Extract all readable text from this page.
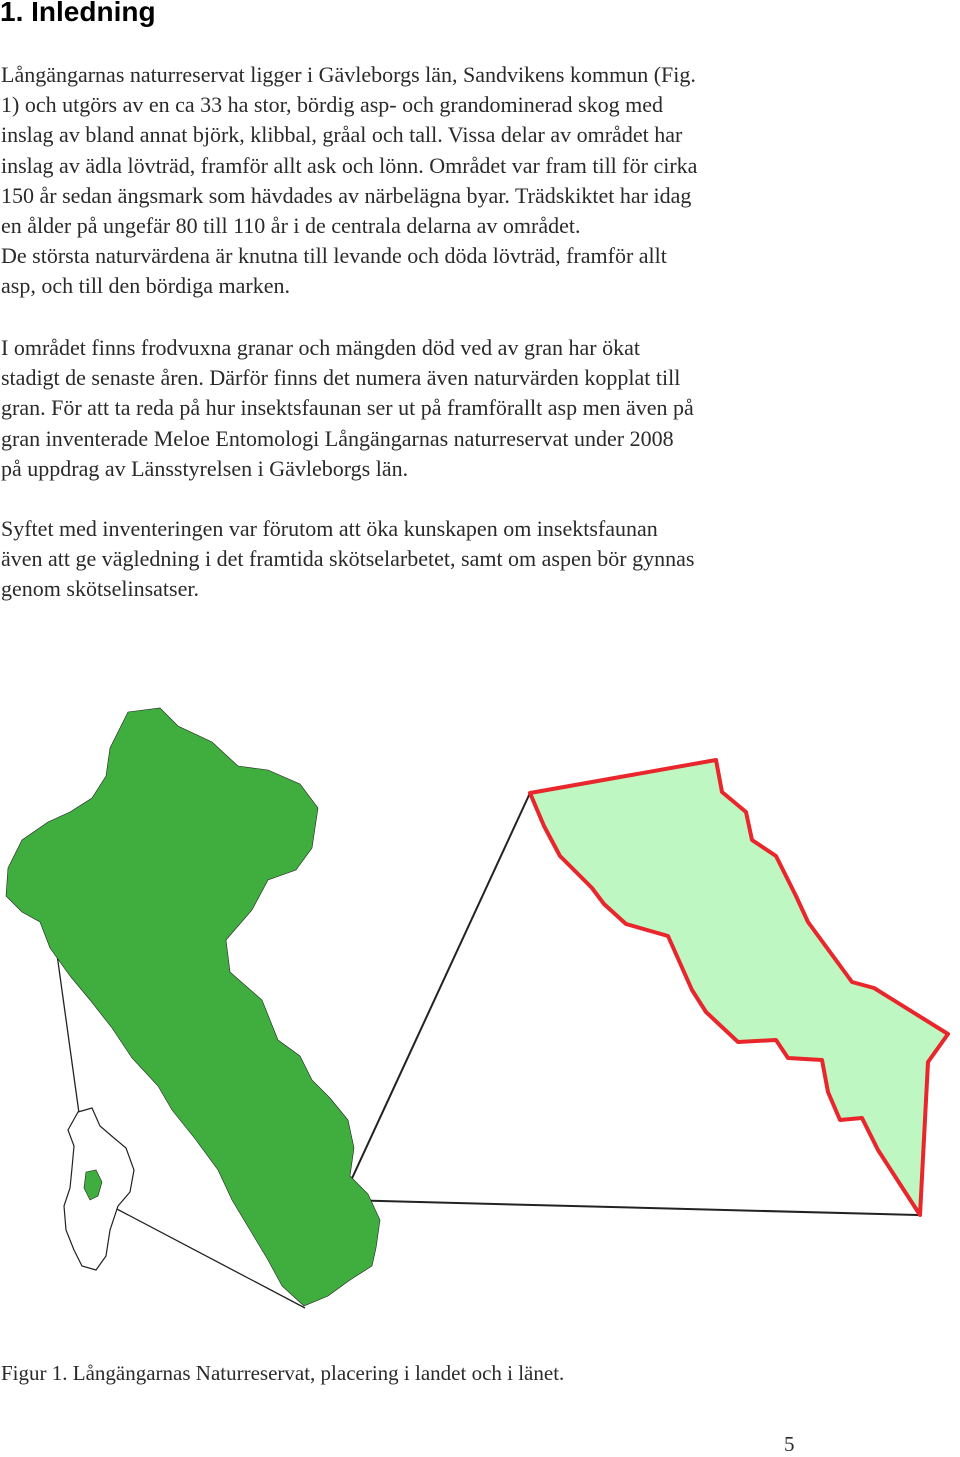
1. Inledning
Långängarnas naturreservat ligger i Gävleborgs län, Sandvikens kommun (Fig.
1) och utgörs av en ca 33 ha stor, bördig asp- och grandominerad skog med
inslag av bland annat björk, klibbal, gråal och tall. Vissa delar av området har
inslag av ädla lövträd, framför allt ask och lönn. Området var fram till för cirka
150 år sedan ängsmark som hävdades av närbelägna byar. Trädskiktet har idag
en ålder på ungefär 80 till 110 år i de centrala delarna av området.
De största naturvärdena är knutna till levande och döda lövträd, framför allt
asp, och till den bördiga marken.
I området finns frodvuxna granar och mängden död ved av gran har ökat
stadigt de senaste åren. Därför finns det numera även naturvärden kopplat till
gran. För att ta reda på hur insektsfaunan ser ut på framförallt asp men även på
gran inventerade Meloe Entomologi Långängarnas naturreservat under 2008
på uppdrag av Länsstyrelsen i Gävleborgs län.
Syftet med inventeringen var förutom att öka kunskapen om insektsfaunan
även att ge vägledning i det framtida skötselarbetet, samt om aspen bör gynnas
genom skötselinsatser.

Figur 1. Långängarnas Naturreservat, placering i landet och i länet.

5
